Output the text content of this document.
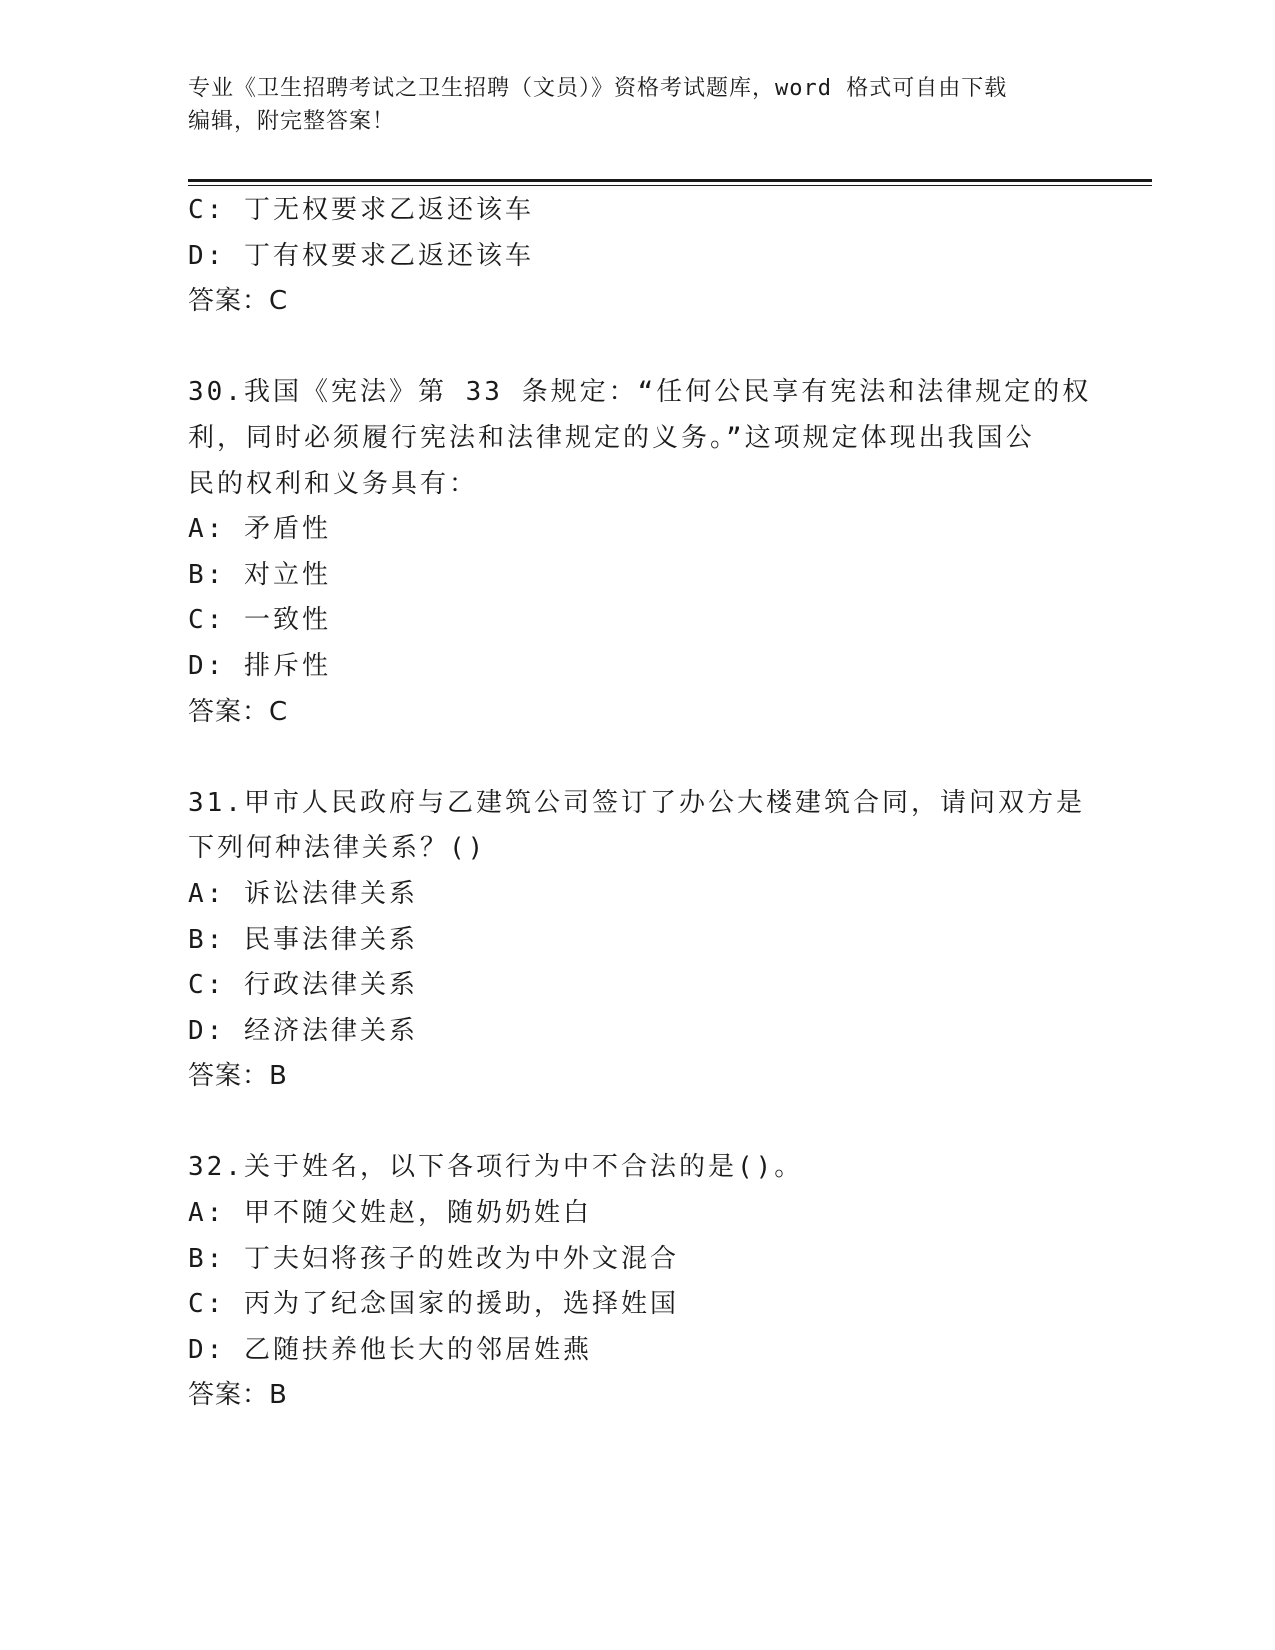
专业《卫生招聘考试之卫生招聘（文员）》资格考试题库，word 格式可自由下载
编辑，附完整答案！
C: 丁无权要求乙返还该车
D: 丁有权要求乙返还该车
答案：C
30.我国《宪法》第 33 条规定：“任何公民享有宪法和法律规定的权
利，同时必须履行宪法和法律规定的义务。”这项规定体现出我国公
民的权利和义务具有：
A: 矛盾性
B: 对立性
C: 一致性
D: 排斥性
答案：C
31.甲市人民政府与乙建筑公司签订了办公大楼建筑合同，请问双方是
下列何种法律关系？()
A: 诉讼法律关系
B: 民事法律关系
C: 行政法律关系
D: 经济法律关系
答案：B
32.关于姓名，以下各项行为中不合法的是()。
A: 甲不随父姓赵，随奶奶姓白
B: 丁夫妇将孩子的姓改为中外文混合
C: 丙为了纪念国家的援助，选择姓国
D: 乙随扶养他长大的邻居姓燕
答案：B
